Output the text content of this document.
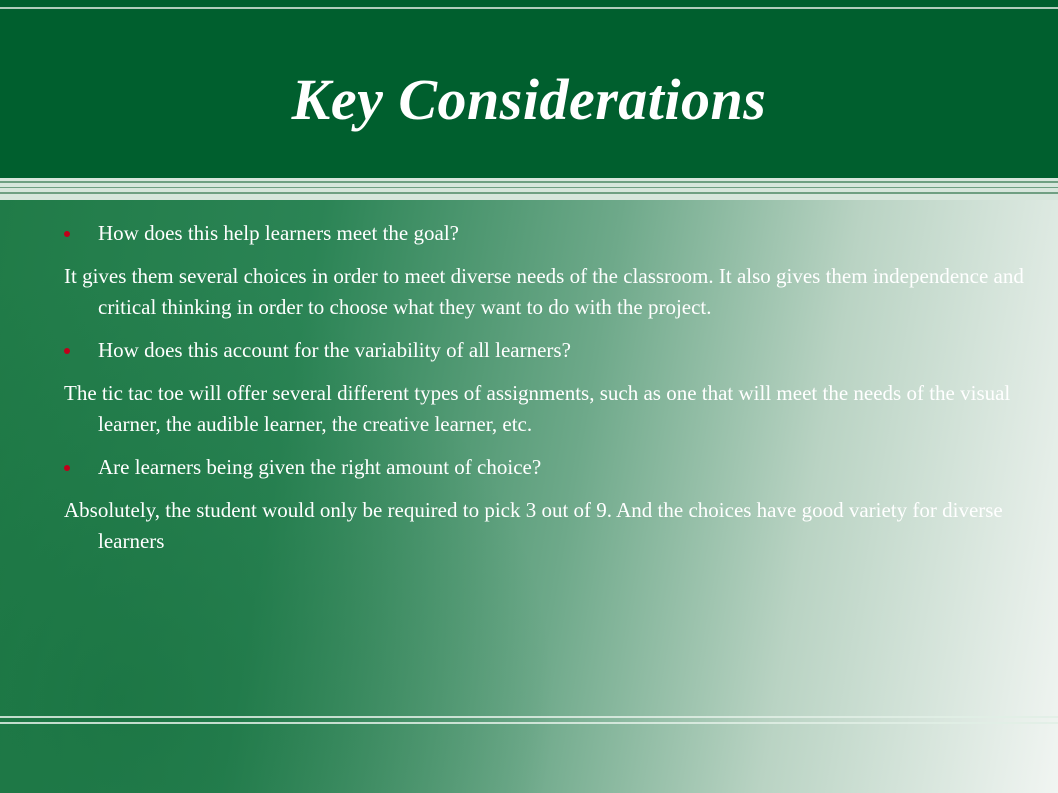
Key Considerations
How does this help learners meet the goal?
It gives them several choices in order to meet diverse needs of the classroom. It also gives them independence and critical thinking in order to choose what they want to do with the project.
How does this account for the variability of all learners?
The tic tac toe will offer several different types of assignments, such as one that will meet the needs of the visual learner, the audible learner, the creative learner, etc.
Are learners being given the right amount of choice?
Absolutely, the student would only be required to pick 3 out of 9. And the choices have good variety for diverse learners
